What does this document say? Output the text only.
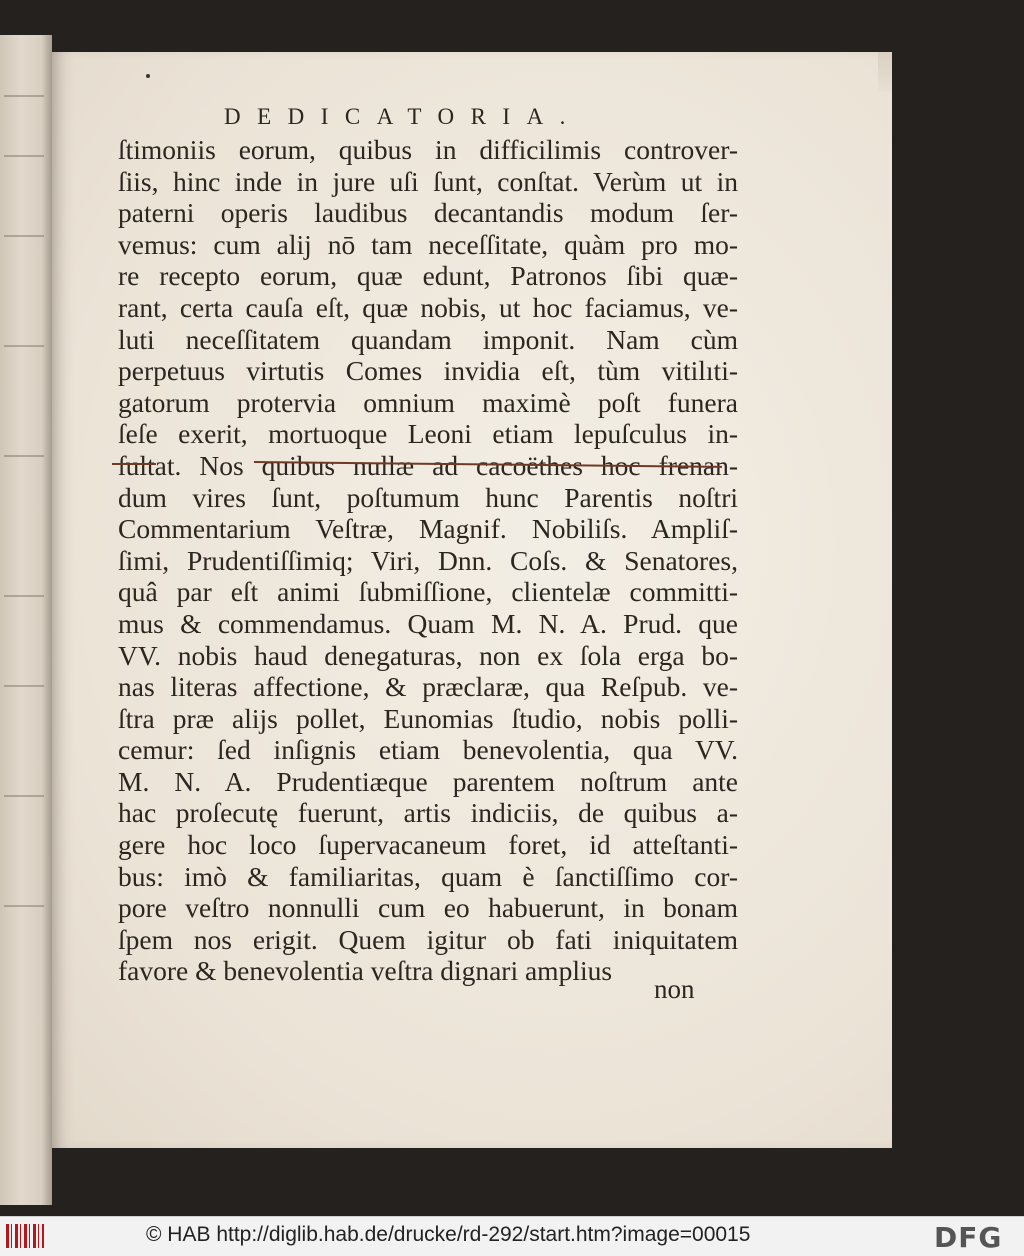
DEDICATORIA.
ſtimoniis eorum, quibus in difficilimis controver-
ſiis, hinc inde in jure uſi ſunt, conſtat. Verùm ut in
paterni operis laudibus decantandis modum ſer-
vemus: cum alij nō tam neceſſitate, quàm pro mo-
re recepto eorum, quæ edunt, Patronos ſibi quæ-
rant, certa cauſa eſt, quæ nobis, ut hoc faciamus, ve-
luti neceſſitatem quandam imponit. Nam cùm
perpetuus virtutis Comes invidia eſt, tùm vitilıti-
gatorum protervia omnium maximè poſt funera
ſeſe exerit, mortuoque Leoni etiam lepuſculus in-
ſultat. Nos quibus nullæ ad cacoëthes hoc frenan-
dum vires ſunt, poſtumum hunc Parentis noſtri
Commentarium Veſtræ, Magnif. Nobiliſs. Ampliſ-
ſimi, Prudentiſſimiq; Viri, Dnn. Coſs. & Senatores,
quâ par eſt animi ſubmiſſione, clientelæ committi-
mus & commendamus. Quam M. N. A. Prud. que
VV. nobis haud denegaturas, non ex ſola erga bo-
nas literas affectione, & præclaræ, qua Reſpub. ve-
ſtra præ alijs pollet, Eunomias ſtudio, nobis polli-
cemur: ſed inſignis etiam benevolentia, qua VV.
M. N. A. Prudentiæque parentem noſtrum ante
hac proſecutę fuerunt, artis indiciis, de quibus a-
gere hoc loco ſupervacaneum foret, id atteſtanti-
bus: imò & familiaritas, quam è ſanctiſſimo cor-
pore veſtro nonnulli cum eo habuerunt, in bonam
ſpem nos erigit. Quem igitur ob fati iniquitatem
favore & benevolentia veſtra dignari amplius
non
© HAB http://diglib.hab.de/drucke/rd-292/start.htm?image=00015	DFG
